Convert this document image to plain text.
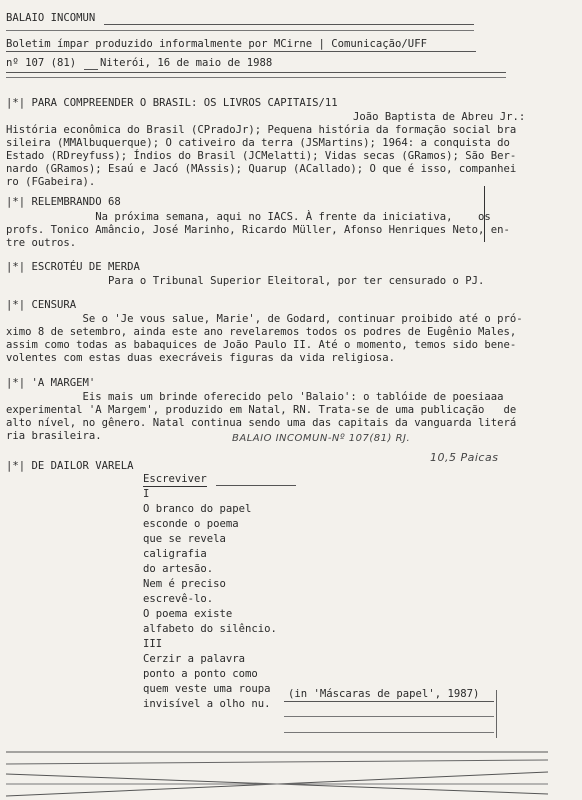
BALAIO INCOMUN
Boletim ímpar produzido informalmente por MCirne | Comunicação/UFF
nº 107 (81) Niterói, 16 de maio de 1988
|*| PARA COMPREENDER O BRASIL: OS LIVROS CAPITAIS/11
João Baptista de Abreu Jr.:
História econômica do Brasil (CPradoJr); Pequena história da formação social bra
sileira (MMAlbuquerque); O cativeiro da terra (JSMartins); 1964: a conquista do
Estado (RDreyfuss); Índios do Brasil (JCMelatti); Vidas secas (GRamos); São Ber-
nardo (GRamos); Esaú e Jacó (MAssis); Quarup (ACallado); O que é isso, companhei
ro (FGabeira).
|*| RELEMBRANDO 68
Na próxima semana, aqui no IACS. À frente da iniciativa,    os
profs. Tonico Amâncio, José Marinho, Ricardo Müller, Afonso Henriques Neto, en-
tre outros.
|*| ESCROTÉU DE MERDA
Para o Tribunal Superior Eleitoral, por ter censurado o PJ.
|*| CENSURA
Se o 'Je vous salue, Marie', de Godard, continuar proibido até o pró-
ximo 8 de setembro, ainda este ano revelaremos todos os podres de Eugênio Males,
assim como todas as babaquices de João Paulo II. Até o momento, temos sido bene-
volentes com estas duas execráveis figuras da vida religiosa.
|*| 'A MARGEM'
Eis mais um brinde oferecido pelo 'Balaio': o tablóide de poesiaaa
experimental 'A Margem', produzido em Natal, RN. Trata-se de uma publicação   de
alto nível, no gênero. Natal continua sendo uma das capitais da vanguarda literá
ria brasileira.	BALAIO INCOMUN-Nº 107(81) RJ.
10,5 Paicas
|*| DE DAILOR VARELA
Escreviver
I
O branco do papel
esconde o poema
que se revela
caligrafia
do artesão.
Nem é preciso
escrevê-lo.
O poema existe
alfabeto do silêncio.
III
Cerzir a palavra
ponto a ponto como
quem veste uma roupa
invisível a olho nu.
(in 'Máscaras de papel', 1987)
